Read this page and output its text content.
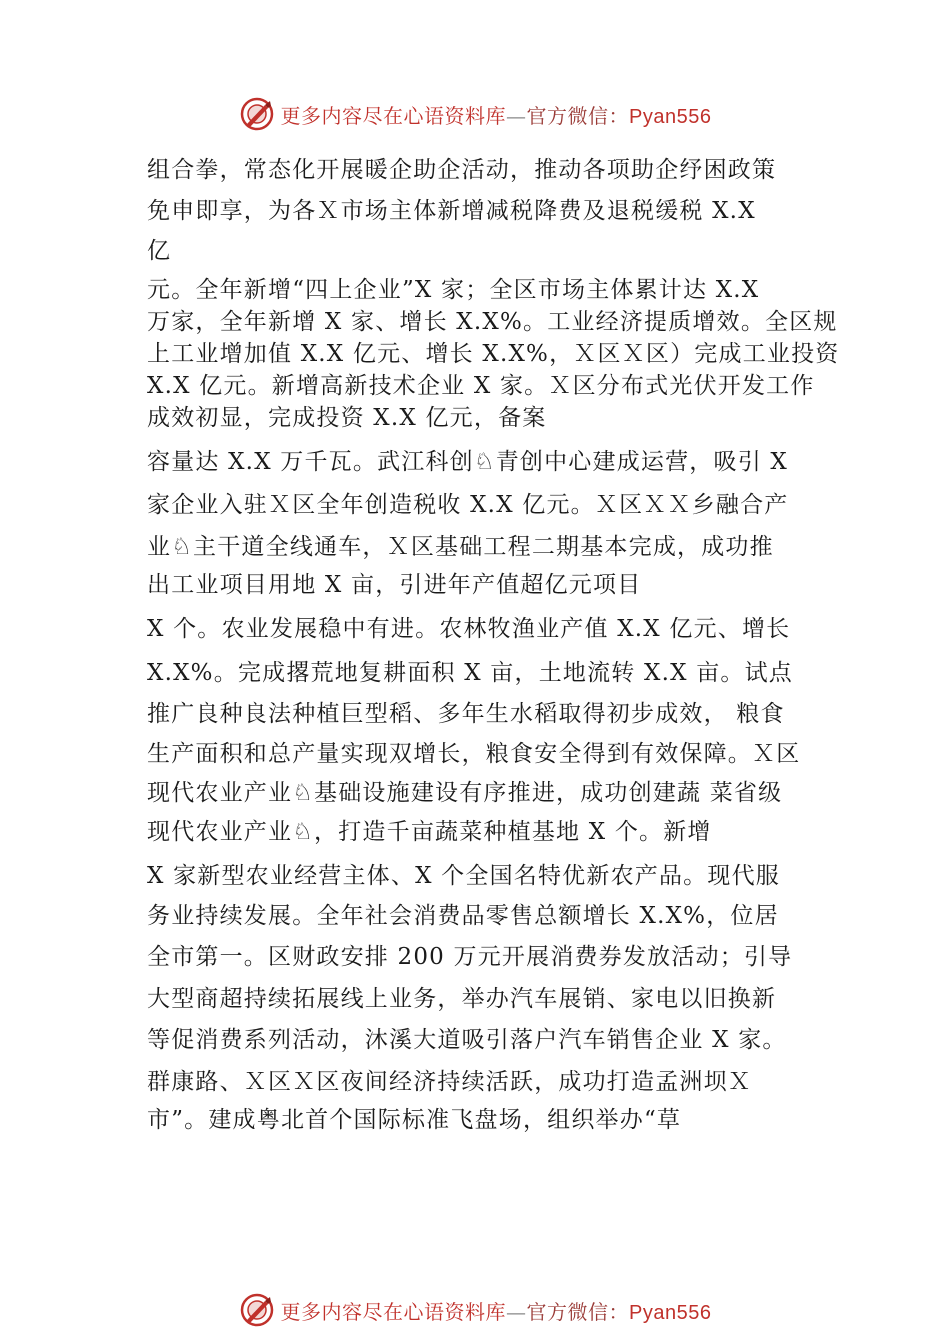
更多内容尽在心语资料库—官方微信：Pyan556
组合拳，常态化开展暖企助企活动，推动各项助企纾困政策
免申即享，为各Ｘ市场主体新增减税降费及退税缓税 X.X
亿
元。全年新增“四上企业”X 家；全区市场主体累计达 X.X
万家，全年新增 X 家、增长 X.X%。工业经济提质增效。全区规
上工业增加值 X.X 亿元、增长 X.X%，Ｘ区Ｘ区）完成工业投资
X.X 亿元。新增高新技术企业 X 家。Ｘ区分布式光伏开发工作
成效初显，完成投资 X.X 亿元，备案
容量达 X.X 万千瓦。武江科创♘青创中心建成运营，吸引 X
家企业入驻Ｘ区全年创造税收 X.X 亿元。Ｘ区ＸＸ乡融合产
业♘主干道全线通车，Ｘ区基础工程二期基本完成，成功推
出工业项目用地 X 亩，引进年产值超亿元项目
X 个。农业发展稳中有进。农林牧渔业产值 X.X 亿元、增长
X.X%。完成撂荒地复耕面积 X 亩，土地流转 X.X 亩。试点
推广良种良法种植巨型稻、多年生水稻取得初步成效， 粮食
生产面积和总产量实现双增长，粮食安全得到有效保障。Ｘ区
现代农业产业♘基础设施建设有序推进，成功创建蔬 菜省级
现代农业产业♘，打造千亩蔬菜种植基地 X 个。新增
X 家新型农业经营主体、X 个全国名特优新农产品。现代服
务业持续发展。全年社会消费品零售总额增长 X.X%，位居
全市第一。区财政安排 200 万元开展消费券发放活动；引导
大型商超持续拓展线上业务，举办汽车展销、家电以旧换新
等促消费系列活动，沐溪大道吸引落户汽车销售企业 X 家。
群康路、Ｘ区Ｘ区夜间经济持续活跃，成功打造孟洲坝Ｘ
市”。建成粤北首个国际标准飞盘场，组织举办“草
更多内容尽在心语资料库—官方微信：Pyan556
